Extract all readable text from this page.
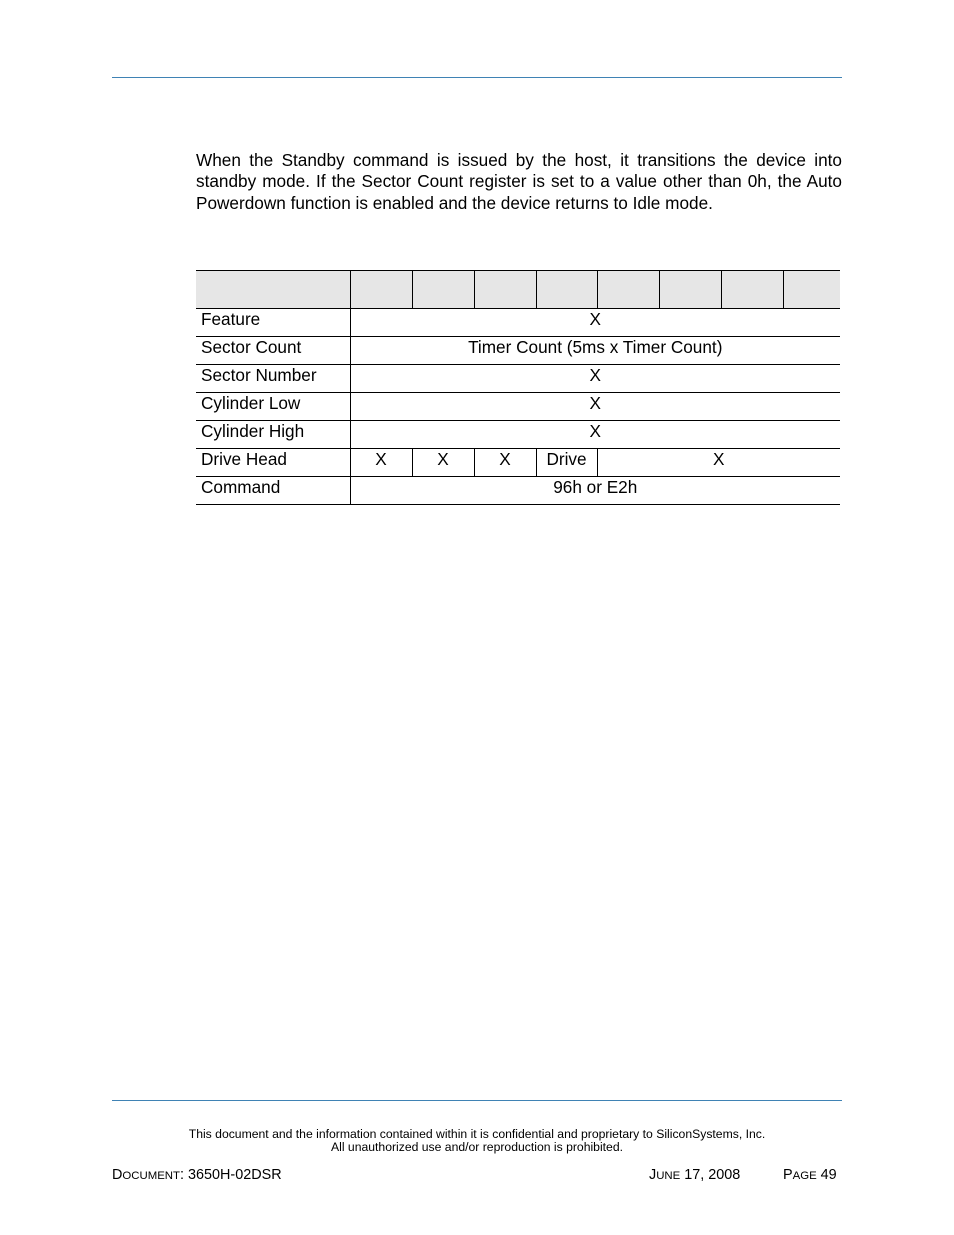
When the Standby command is issued by the host, it transitions the device into standby mode. If the Sector Count register is set to a value other than 0h, the Auto Powerdown function is enabled and the device returns to Idle mode.

Feature	X							
Sector Count	Timer Count (5ms x Timer Count)							
Sector Number	X							
Cylinder Low	X							
Cylinder High	X							
Drive Head	X	X	X	Drive	X			
Command	96h or E2h							
This document and the information contained within it is confidential and proprietary to SiliconSystems, Inc.
All unauthorized use and/or reproduction is prohibited.
DOCUMENT: 3650H-02DSR	JUNE 17, 2008	PAGE 49
